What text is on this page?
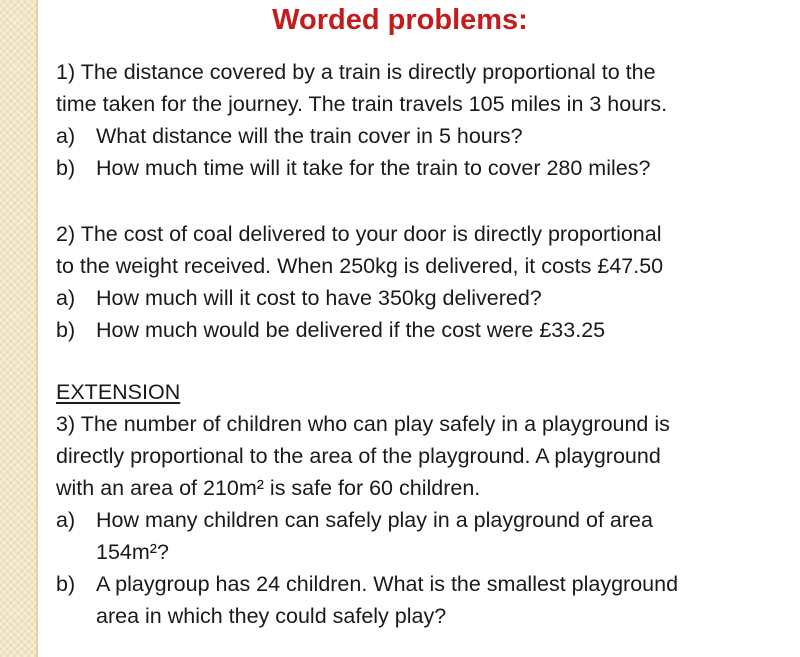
Worded problems:
1) The distance covered by a train is directly proportional to the
time taken for the journey. The train travels 105 miles in 3 hours.
a) What distance will the train cover in 5 hours?
b) How much time will it take for the train to cover 280 miles?
2) The cost of coal delivered to your door is directly proportional
to the weight received. When 250kg is delivered, it costs £47.50
a) How much will it cost to have 350kg delivered?
b) How much would be delivered if the cost were £33.25
EXTENSION
3) The number of children who can play safely in a playground is
directly proportional to the area of the playground. A playground
with an area of 210m² is safe for 60 children.
a) How many children can safely play in a playground of area
154m²?
b) A playgroup has 24 children. What is the smallest playground
area in which they could safely play?
